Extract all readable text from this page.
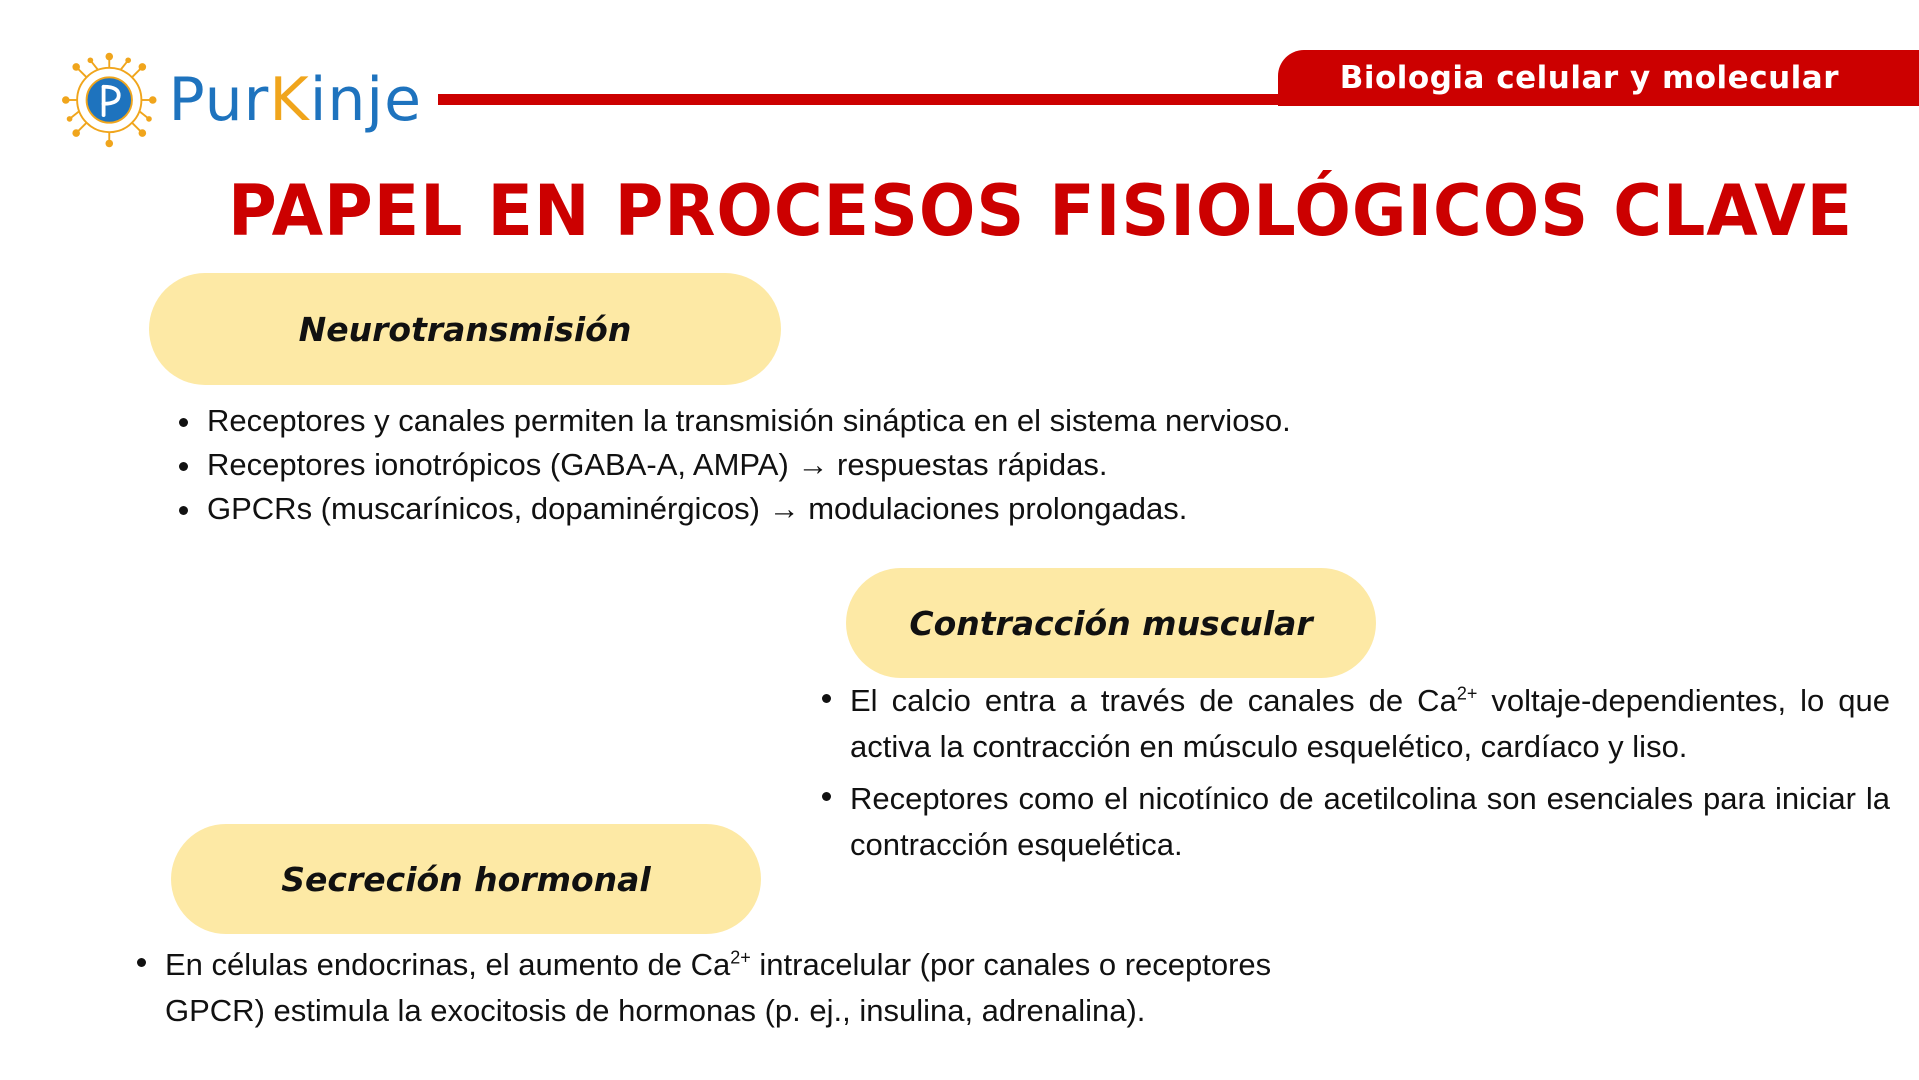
PurKinje	Biologia celular y molecular
PAPEL EN PROCESOS FISIOLÓGICOS CLAVE
Neurotransmisión
Receptores y canales permiten la transmisión sináptica en el sistema nervioso.
Receptores ionotrópicos (GABA-A, AMPA) → respuestas rápidas.
GPCRs (muscarínicos, dopaminérgicos) → modulaciones prolongadas.
Contracción muscular
El calcio entra a través de canales de $Ca^{2+}$ voltaje-dependientes, lo que activa la contracción en músculo esquelético, cardíaco y liso.
Receptores como el nicotínico de acetilcolina son esenciales para iniciar la contracción esquelética.
Secreción hormonal
En células endocrinas, el aumento de $Ca^{2+}$ intracelular (por canales o receptores GPCR) estimula la exocitosis de hormonas (p. ej., insulina, adrenalina).
